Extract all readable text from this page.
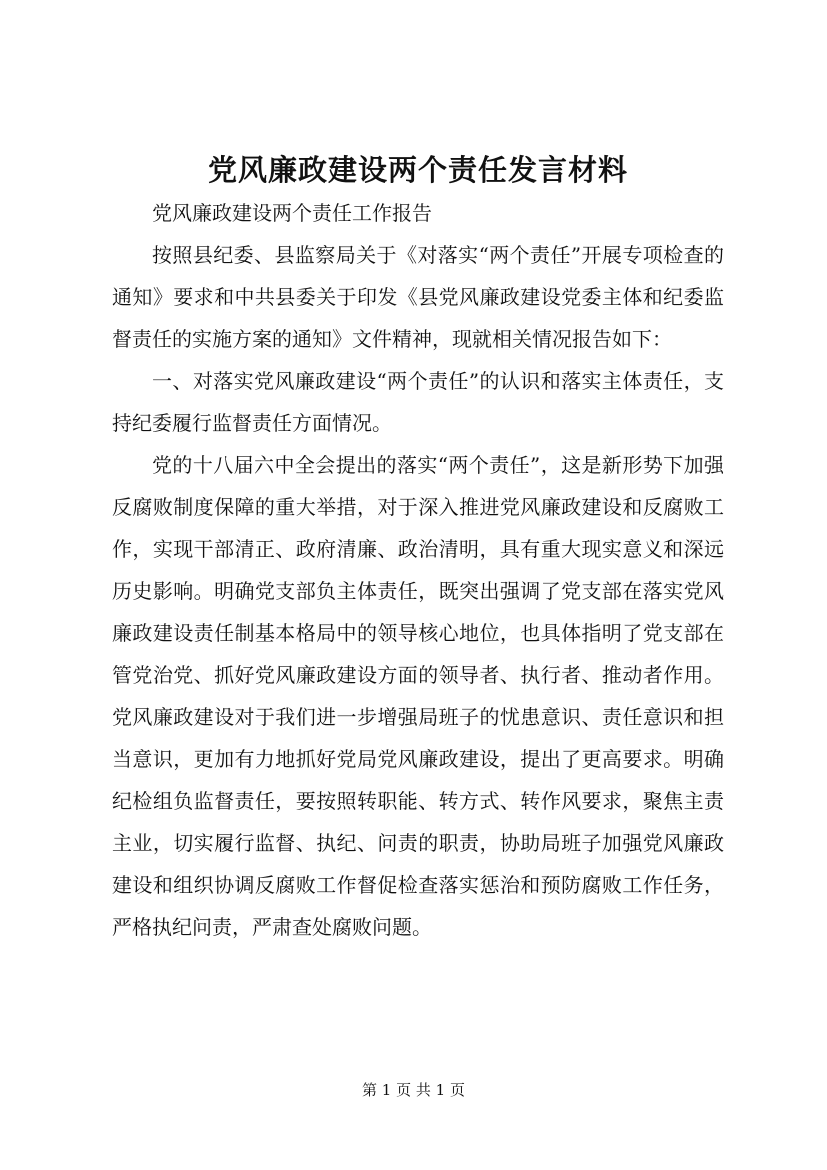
党风廉政建设两个责任发言材料

党风廉政建设两个责任工作报告

按照县纪委、县监察局关于《对落实“两个责任”开展专项检查的通知》要求和中共县委关于印发《县党风廉政建设党委主体和纪委监督责任的实施方案的通知》文件精神，现就相关情况报告如下：

一、对落实党风廉政建设“两个责任”的认识和落实主体责任，支持纪委履行监督责任方面情况。

党的十八届六中全会提出的落实“两个责任”，这是新形势下加强反腐败制度保障的重大举措，对于深入推进党风廉政建设和反腐败工作，实现干部清正、政府清廉、政治清明，具有重大现实意义和深远历史影响。明确党支部负主体责任，既突出强调了党支部在落实党风廉政建设责任制基本格局中的领导核心地位，也具体指明了党支部在管党治党、抓好党风廉政建设方面的领导者、执行者、推动者作用。党风廉政建设对于我们进一步增强局班子的忧患意识、责任意识和担当意识，更加有力地抓好党局党风廉政建设，提出了更高要求。明确纪检组负监督责任，要按照转职能、转方式、转作风要求，聚焦主责主业，切实履行监督、执纪、问责的职责，协助局班子加强党风廉政建设和组织协调反腐败工作督促检查落实惩治和预防腐败工作任务，严格执纪问责，严肃查处腐败问题。

第 1 页 共 1 页
